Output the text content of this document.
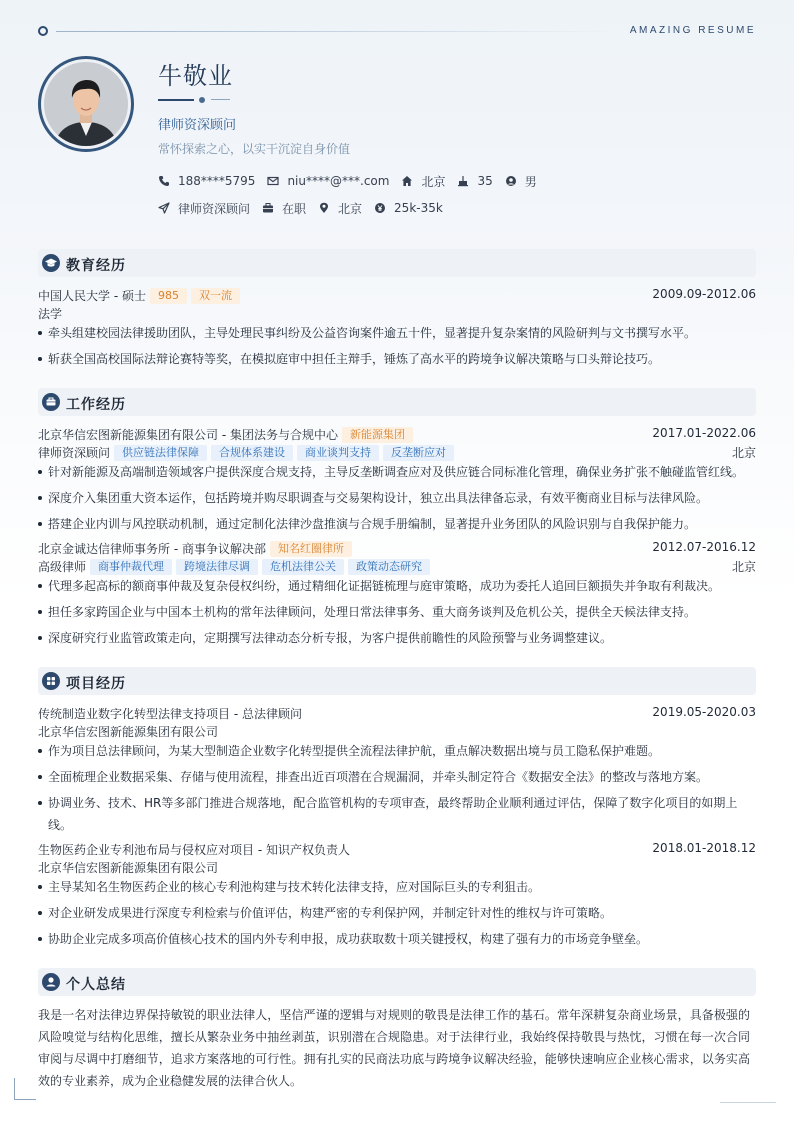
AMAZING RESUME
牛敬业
律师资深顾问
常怀探索之心，以实干沉淀自身价值
188****5795	niu****@***.com	北京	35	男
律师资深顾问	在职	北京	25k-35k
教育经历
中国人民大学 - 硕士	985	双一流	2009.09-2012.06
法学
牵头组建校园法律援助团队，主导处理民事纠纷及公益咨询案件逾五十件，显著提升复杂案情的风险研判与文书撰写水平。
斩获全国高校国际法辩论赛特等奖，在模拟庭审中担任主辩手，锤炼了高水平的跨境争议解决策略与口头辩论技巧。
工作经历
北京华信宏图新能源集团有限公司 - 集团法务与合规中心	新能源集团	2017.01-2022.06
律师资深顾问	供应链法律保障	合规体系建设	商业谈判支持	反垄断应对	北京
针对新能源及高端制造领域客户提供深度合规支持，主导反垄断调查应对及供应链合同标准化管理，确保业务扩张不触碰监管红线。
深度介入集团重大资本运作，包括跨境并购尽职调查与交易架构设计，独立出具法律备忘录，有效平衡商业目标与法律风险。
搭建企业内训与风控联动机制，通过定制化法律沙盘推演与合规手册编制，显著提升业务团队的风险识别与自我保护能力。
北京金诚达信律师事务所 - 商事争议解决部	知名红圈律所	2012.07-2016.12
高级律师	商事仲裁代理	跨境法律尽调	危机法律公关	政策动态研究	北京
代理多起高标的额商事仲裁及复杂侵权纠纷，通过精细化证据链梳理与庭审策略，成功为委托人追回巨额损失并争取有利裁决。
担任多家跨国企业与中国本土机构的常年法律顾问，处理日常法律事务、重大商务谈判及危机公关，提供全天候法律支持。
深度研究行业监管政策走向，定期撰写法律动态分析专报，为客户提供前瞻性的风险预警与业务调整建议。
项目经历
传统制造业数字化转型法律支持项目 - 总法律顾问	2019.05-2020.03
北京华信宏图新能源集团有限公司
作为项目总法律顾问，为某大型制造企业数字化转型提供全流程法律护航，重点解决数据出境与员工隐私保护难题。
全面梳理企业数据采集、存储与使用流程，排查出近百项潜在合规漏洞，并牵头制定符合《数据安全法》的整改与落地方案。
协调业务、技术、HR等多部门推进合规落地，配合监管机构的专项审查，最终帮助企业顺利通过评估，保障了数字化项目的如期上线。
生物医药企业专利池布局与侵权应对项目 - 知识产权负责人	2018.01-2018.12
北京华信宏图新能源集团有限公司
主导某知名生物医药企业的核心专利池构建与技术转化法律支持，应对国际巨头的专利狙击。
对企业研发成果进行深度专利检索与价值评估，构建严密的专利保护网，并制定针对性的维权与许可策略。
协助企业完成多项高价值核心技术的国内外专利申报，成功获取数十项关键授权，构建了强有力的市场竞争壁垒。
个人总结
我是一名对法律边界保持敏锐的职业法律人，坚信严谨的逻辑与对规则的敬畏是法律工作的基石。常年深耕复杂商业场景，具备极强的风险嗅觉与结构化思维，擅长从繁杂业务中抽丝剥茧，识别潜在合规隐患。对于法律行业，我始终保持敬畏与热忱，习惯在每一次合同审阅与尽调中打磨细节，追求方案落地的可行性。拥有扎实的民商法功底与跨境争议解决经验，能够快速响应企业核心需求，以务实高效的专业素养，成为企业稳健发展的法律合伙人。
